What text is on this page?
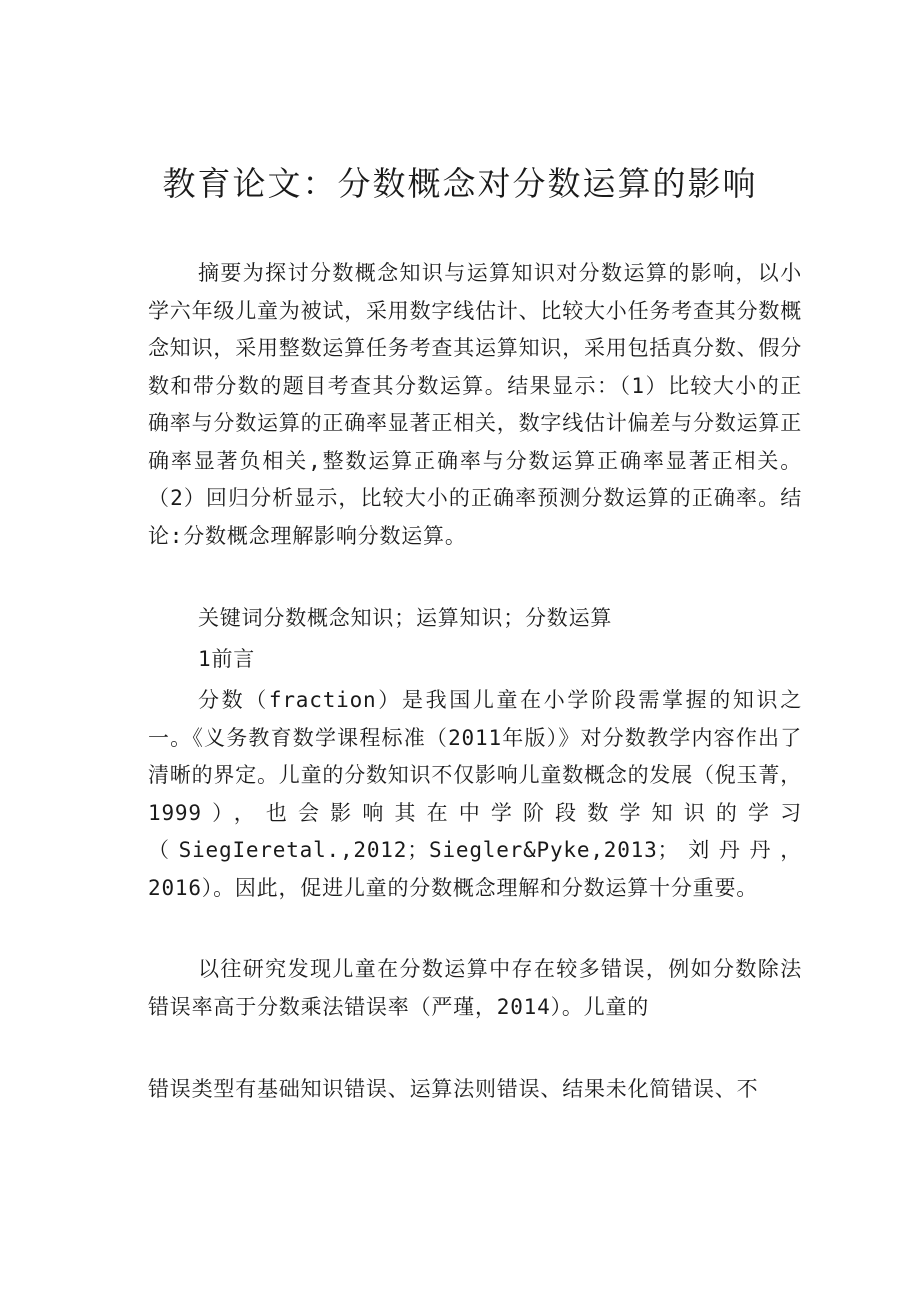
教育论文：分数概念对分数运算的影响

摘要为探讨分数概念知识与运算知识对分数运算的影响，以小学六年级儿童为被试，采用数字线估计、比较大小任务考查其分数概念知识，采用整数运算任务考查其运算知识，采用包括真分数、假分数和带分数的题目考查其分数运算。结果显示：（1）比较大小的正确率与分数运算的正确率显著正相关，数字线估计偏差与分数运算正确率显著负相关,整数运算正确率与分数运算正确率显著正相关。（2）回归分析显示，比较大小的正确率预测分数运算的正确率。结论:分数概念理解影响分数运算。

关键词分数概念知识；运算知识；分数运算

1前言

分数（fraction）是我国儿童在小学阶段需掌握的知识之一。《义务教育数学课程标准（2011年版）》对分数教学内容作出了清晰的界定。儿童的分数知识不仅影响儿童数概念的发展（倪玉菁，1999），也会影响其在中学阶段数学知识的学习（SiegIeretal.,2012；Siegler&Pyke,2013；刘丹丹，2016）。因此，促进儿童的分数概念理解和分数运算十分重要。

以往研究发现儿童在分数运算中存在较多错误，例如分数除法错误率高于分数乘法错误率（严瑾，2014）。儿童的

错误类型有基础知识错误、运算法则错误、结果未化简错误、不
